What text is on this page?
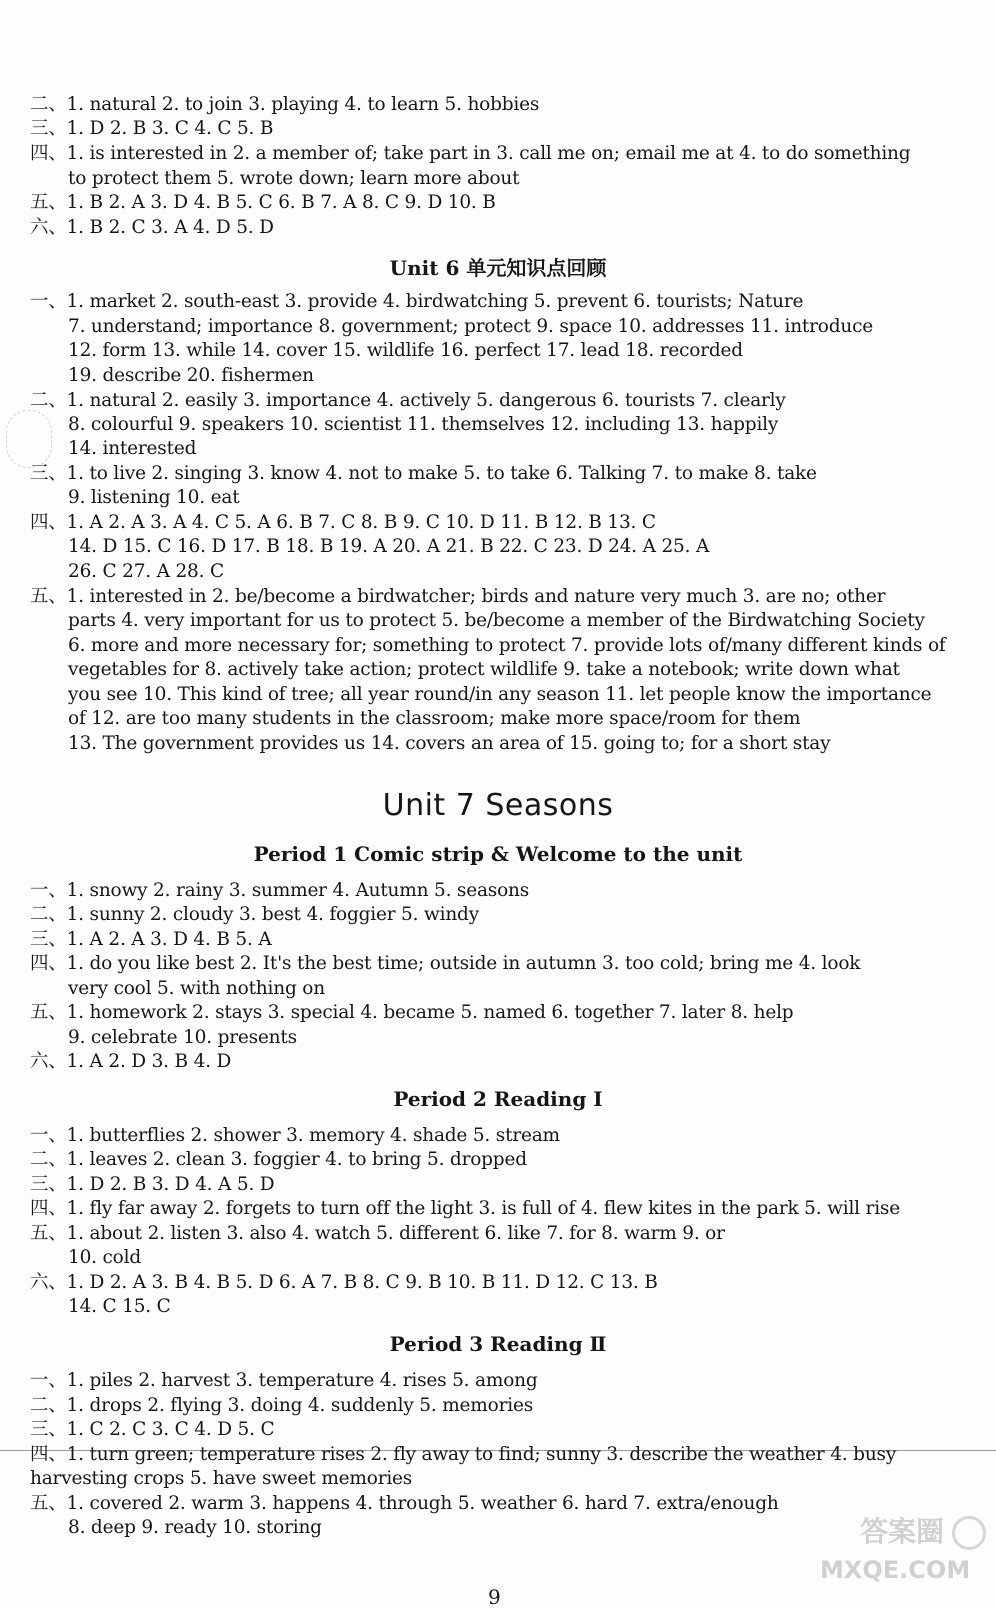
二、1. natural 2. to join 3. playing 4. to learn 5. hobbies
三、1. D 2. B 3. C 4. C 5. B
四、1. is interested in 2. a member of; take part in 3. call me on; email me at 4. to do something
to protect them 5. wrote down; learn more about
五、1. B 2. A 3. D 4. B 5. C 6. B 7. A 8. C 9. D 10. B
六、1. B 2. C 3. A 4. D 5. D
Unit 6 单元知识点回顾
一、1. market 2. south-east 3. provide 4. birdwatching 5. prevent 6. tourists; Nature
7. understand; importance 8. government; protect 9. space 10. addresses 11. introduce
12. form 13. while 14. cover 15. wildlife 16. perfect 17. lead 18. recorded
19. describe 20. fishermen
二、1. natural 2. easily 3. importance 4. actively 5. dangerous 6. tourists 7. clearly
8. colourful 9. speakers 10. scientist 11. themselves 12. including 13. happily
14. interested
三、1. to live 2. singing 3. know 4. not to make 5. to take 6. Talking 7. to make 8. take
9. listening 10. eat
四、1. A 2. A 3. A 4. C 5. A 6. B 7. C 8. B 9. C 10. D 11. B 12. B 13. C
14. D 15. C 16. D 17. B 18. B 19. A 20. A 21. B 22. C 23. D 24. A 25. A
26. C 27. A 28. C
五、1. interested in 2. be/become a birdwatcher; birds and nature very much 3. are no; other
parts 4. very important for us to protect 5. be/become a member of the Birdwatching Society
6. more and more necessary for; something to protect 7. provide lots of/many different kinds of
vegetables for 8. actively take action; protect wildlife 9. take a notebook; write down what
you see 10. This kind of tree; all year round/in any season 11. let people know the importance
of 12. are too many students in the classroom; make more space/room for them
13. The government provides us 14. covers an area of 15. going to; for a short stay
Unit 7 Seasons
Period 1 Comic strip & Welcome to the unit
一、1. snowy 2. rainy 3. summer 4. Autumn 5. seasons
二、1. sunny 2. cloudy 3. best 4. foggier 5. windy
三、1. A 2. A 3. D 4. B 5. A
四、1. do you like best 2. It's the best time; outside in autumn 3. too cold; bring me 4. look
very cool 5. with nothing on
五、1. homework 2. stays 3. special 4. became 5. named 6. together 7. later 8. help
9. celebrate 10. presents
六、1. A 2. D 3. B 4. D
Period 2 Reading Ⅰ
一、1. butterflies 2. shower 3. memory 4. shade 5. stream
二、1. leaves 2. clean 3. foggier 4. to bring 5. dropped
三、1. D 2. B 3. D 4. A 5. D
四、1. fly far away 2. forgets to turn off the light 3. is full of 4. flew kites in the park 5. will rise
五、1. about 2. listen 3. also 4. watch 5. different 6. like 7. for 8. warm 9. or
10. cold
六、1. D 2. A 3. B 4. B 5. D 6. A 7. B 8. C 9. B 10. B 11. D 12. C 13. B
14. C 15. C
Period 3 Reading Ⅱ
一、1. piles 2. harvest 3. temperature 4. rises 5. among
二、1. drops 2. flying 3. doing 4. suddenly 5. memories
三、1. C 2. C 3. C 4. D 5. C
四、1. turn green; temperature rises 2. fly away to find; sunny 3. describe the weather 4. busy
harvesting crops 5. have sweet memories
五、1. covered 2. warm 3. happens 4. through 5. weather 6. hard 7. extra/enough
8. deep 9. ready 10. storing	答案圈
MXQE.COM
9
